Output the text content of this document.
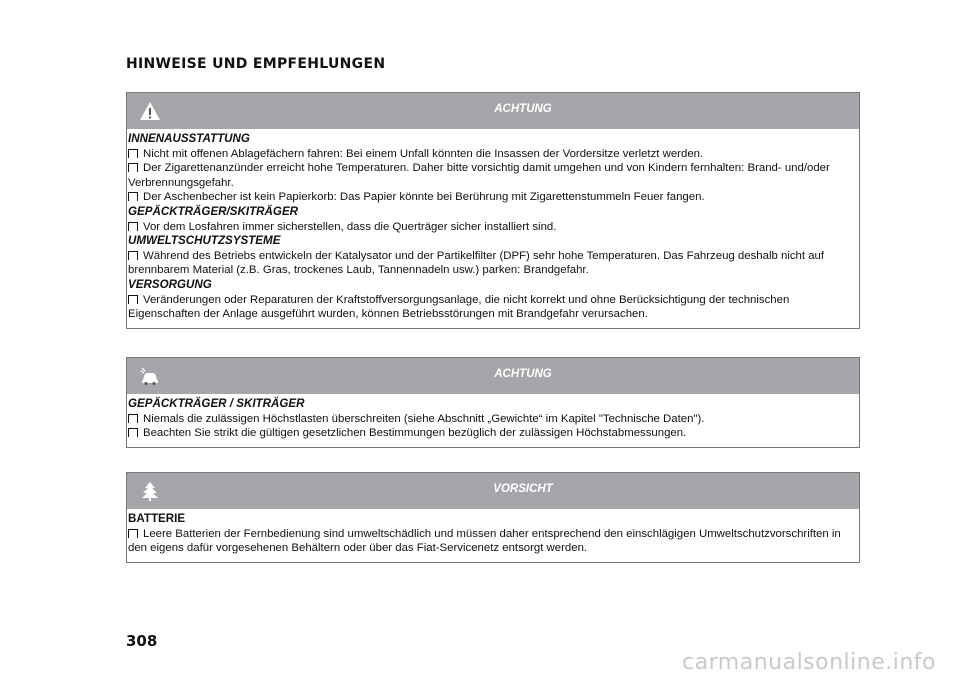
HINWEISE UND EMPFEHLUNGEN
ACHTUNG
INNENAUSSTATTUNG
Nicht mit offenen Ablagefächern fahren: Bei einem Unfall könnten die Insassen der Vordersitze verletzt werden.
Der Zigarettenanzünder erreicht hohe Temperaturen. Daher bitte vorsichtig damit umgehen und von Kindern fernhalten: Brand- und/oder Verbrennungsgefahr.
Der Aschenbecher ist kein Papierkorb: Das Papier könnte bei Berührung mit Zigarettenstummeln Feuer fangen.
GEPÄCKTRÄGER/SKITRÄGER
Vor dem Losfahren immer sicherstellen, dass die Querträger sicher installiert sind.
UMWELTSCHUTZSYSTEME
Während des Betriebs entwickeln der Katalysator und der Partikelfilter (DPF) sehr hohe Temperaturen. Das Fahrzeug deshalb nicht auf brennbarem Material (z.B. Gras, trockenes Laub, Tannennadeln usw.) parken: Brandgefahr.
VERSORGUNG
Veränderungen oder Reparaturen der Kraftstoffversorgungsanlage, die nicht korrekt und ohne Berücksichtigung der technischen Eigenschaften der Anlage ausgeführt wurden, können Betriebsstörungen mit Brandgefahr verursachen.
ACHTUNG
GEPÄCKTRÄGER / SKITRÄGER
Niemals die zulässigen Höchstlasten überschreiten (siehe Abschnitt „Gewichte“ im Kapitel "Technische Daten").
Beachten Sie strikt die gültigen gesetzlichen Bestimmungen bezüglich der zulässigen Höchstabmessungen.
VORSICHT
BATTERIE
Leere Batterien der Fernbedienung sind umweltschädlich und müssen daher entsprechend den einschlägigen Umweltschutzvorschriften in den eigens dafür vorgesehenen Behältern oder über das Fiat-Servicenetz entsorgt werden.
308
carmanualsonline.info
